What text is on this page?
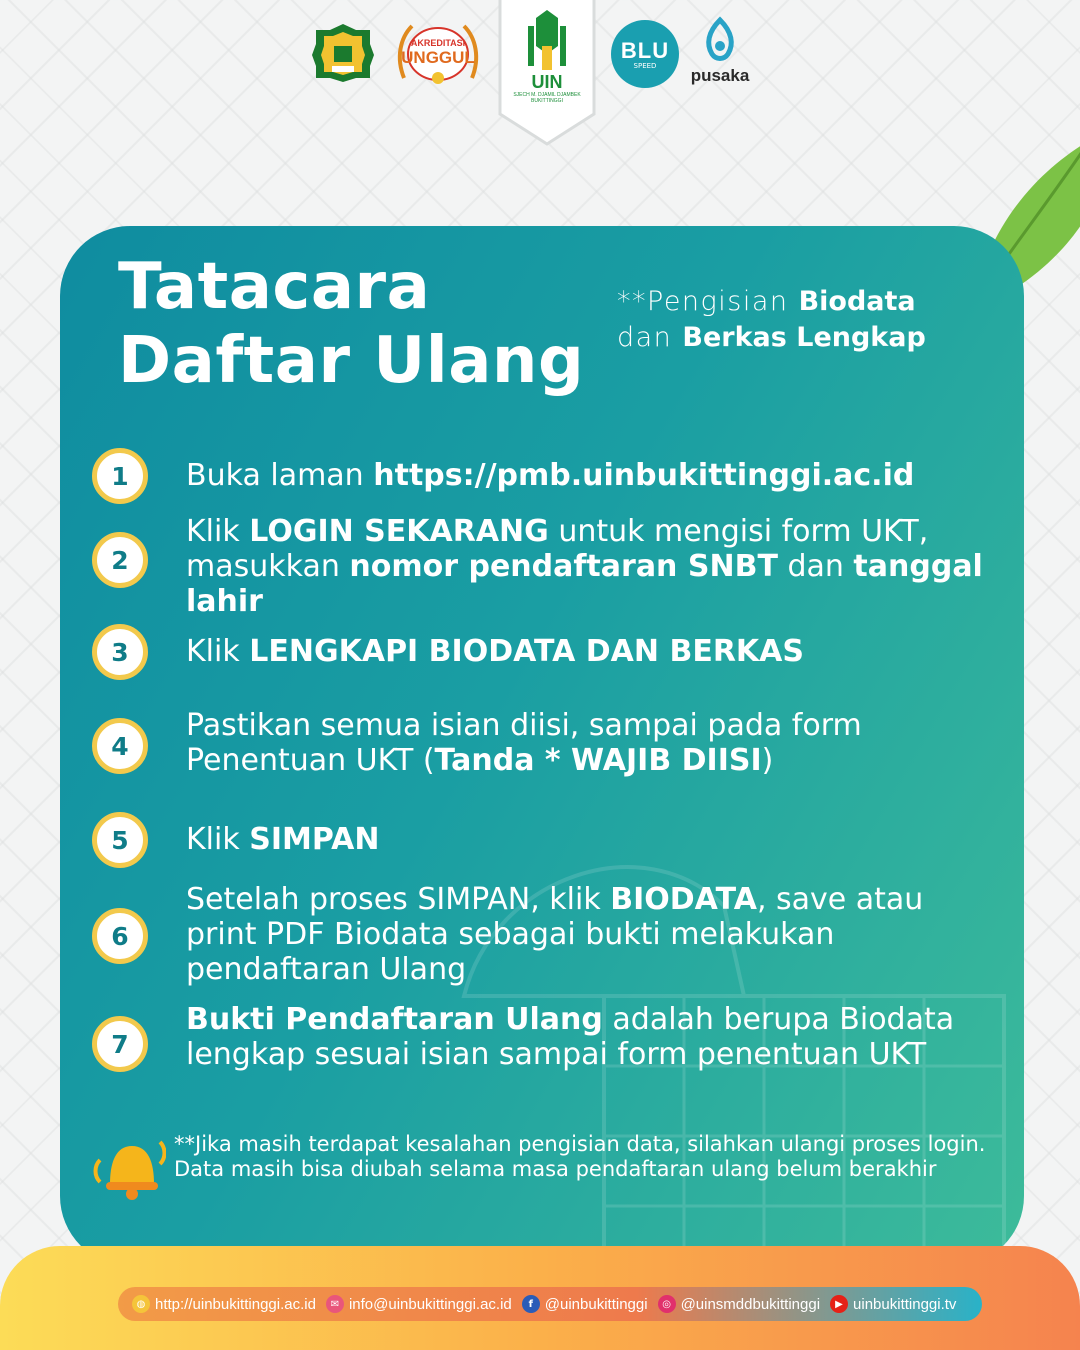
AKREDITASI
UNGGUL
UIN
SJECH M. DJAMIL DJAMBEK BUKITTINGGI
BLU
SPEED	pusaka
Tatacara
Daftar Ulang
**Pengisian Biodata
dan Berkas Lengkap
1	Buka laman https://pmb.uinbukittinggi.ac.id
2
Klik LOGIN SEKARANG untuk mengisi form UKT, masukkan nomor pendaftaran SNBT dan tanggal lahir
3	Klik LENGKAPI BIODATA DAN BERKAS
4
Pastikan semua isian diisi, sampai pada form Penentuan UKT (Tanda * WAJIB DIISI)
5	Klik SIMPAN
6
Setelah proses SIMPAN, klik BIODATA, save atau print PDF Biodata sebagai bukti melakukan pendaftaran Ulang
7
Bukti Pendaftaran Ulang adalah berupa Biodata lengkap sesuai isian sampai form penentuan UKT
**Jika masih terdapat kesalahan pengisian data, silahkan ulangi proses login. Data masih bisa diubah selama masa pendaftaran ulang belum berakhir
◍ http://uinbukittinggi.ac.id	✉ info@uinbukittinggi.ac.id	f @uinbukittinggi	◎ @uinsmddbukittinggi	▶ uinbukittinggi.tv
